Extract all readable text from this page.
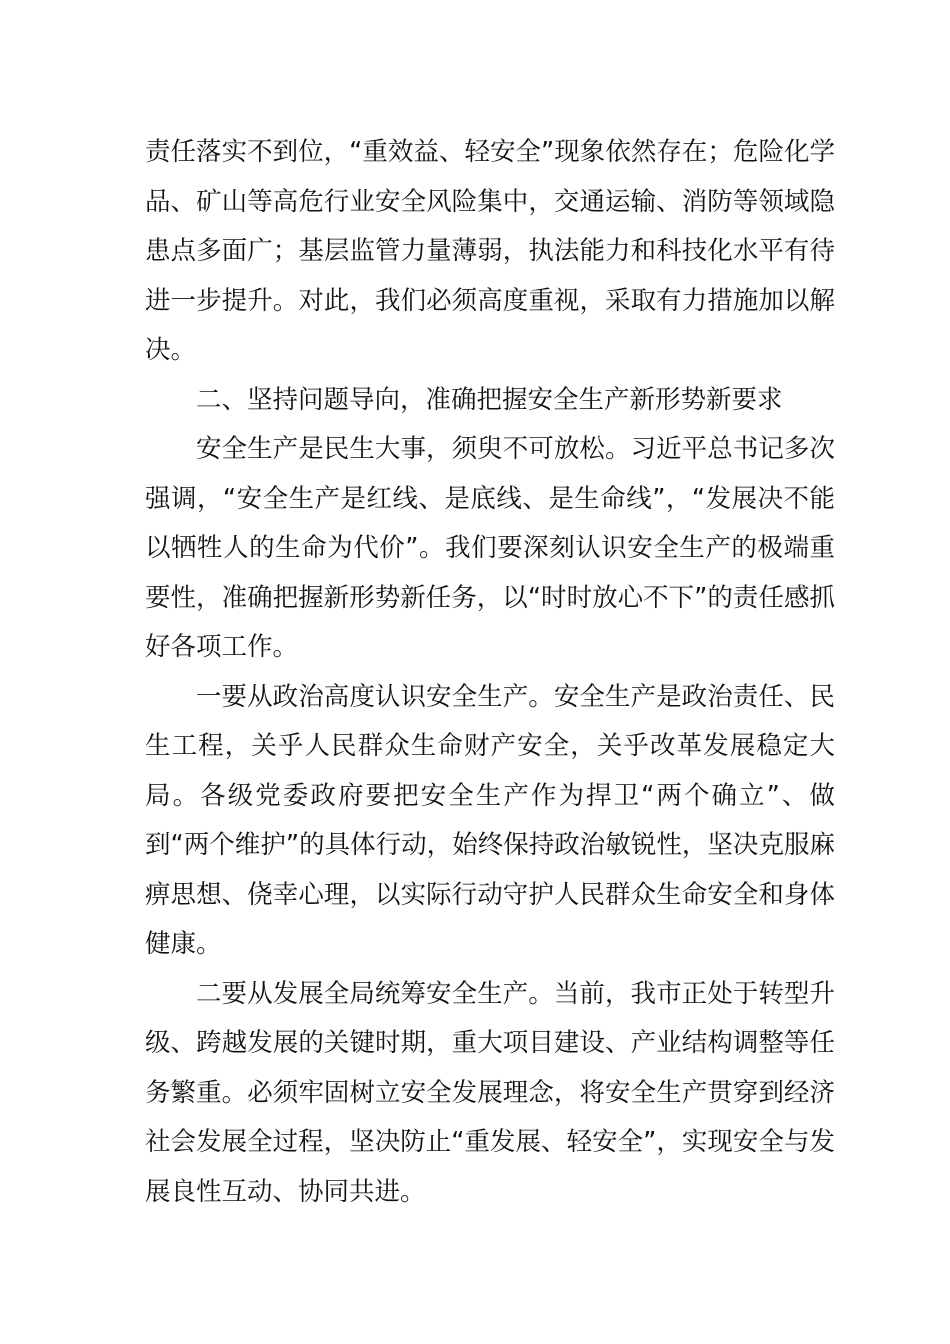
责任落实不到位，“重效益、轻安全”现象依然存在；危险化学品、矿山等高危行业安全风险集中，交通运输、消防等领域隐患点多面广；基层监管力量薄弱，执法能力和科技化水平有待进一步提升。对此，我们必须高度重视，采取有力措施加以解决。

二、坚持问题导向，准确把握安全生产新形势新要求

安全生产是民生大事，须臾不可放松。习近平总书记多次强调，“安全生产是红线、是底线、是生命线”，“发展决不能以牺牲人的生命为代价”。我们要深刻认识安全生产的极端重要性，准确把握新形势新任务，以“时时放心不下”的责任感抓好各项工作。

一要从政治高度认识安全生产。安全生产是政治责任、民生工程，关乎人民群众生命财产安全，关乎改革发展稳定大局。各级党委政府要把安全生产作为捍卫“两个确立”、做到“两个维护”的具体行动，始终保持政治敏锐性，坚决克服麻痹思想、侥幸心理，以实际行动守护人民群众生命安全和身体健康。

二要从发展全局统筹安全生产。当前，我市正处于转型升级、跨越发展的关键时期，重大项目建设、产业结构调整等任务繁重。必须牢固树立安全发展理念，将安全生产贯穿到经济社会发展全过程，坚决防止“重发展、轻安全”，实现安全与发展良性互动、协同共进。
